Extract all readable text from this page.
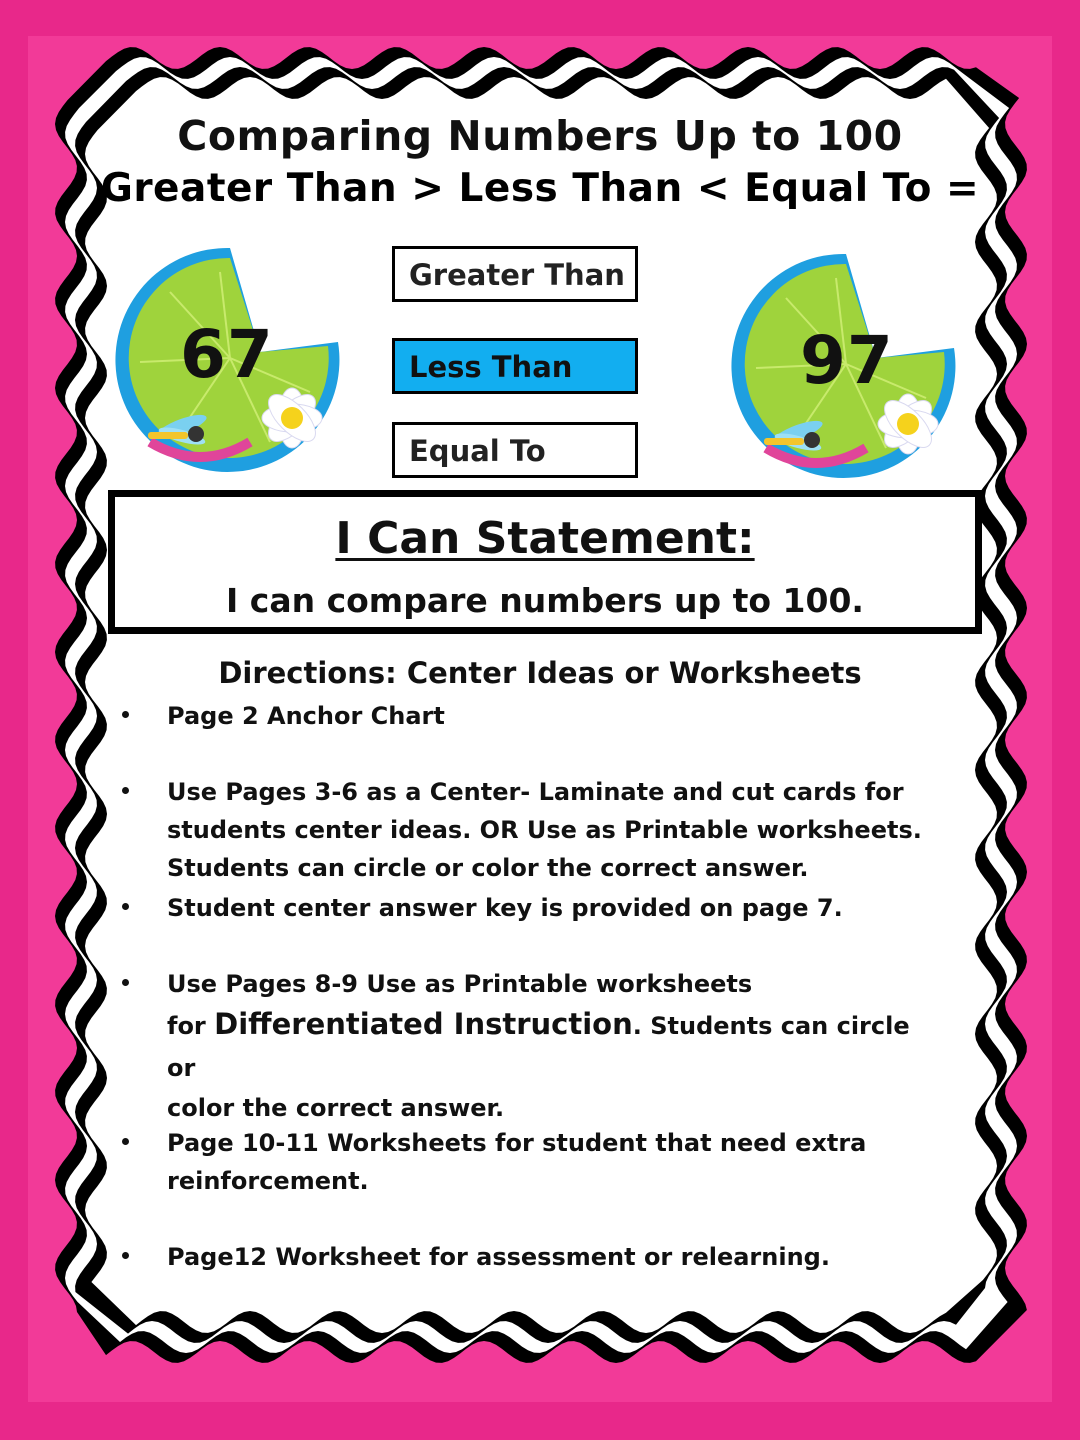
Comparing Numbers Up to 100
Greater Than > Less Than < Equal To =
67	97
Greater Than
Less Than
Equal To
I Can Statement:
I can compare numbers up to 100.
Directions: Center Ideas or Worksheets
Page 2 Anchor Chart
Use Pages 3-6 as a Center- Laminate and cut cards for
students center ideas. OR Use as Printable worksheets.
Students can circle or color the correct answer.
Student center answer key is provided on page 7.
Use Pages 8-9 Use as Printable worksheets
for Differentiated Instruction. Students can circle or
color the correct answer.
Page 10-11 Worksheets for student that need extra
reinforcement.
Page12 Worksheet for assessment or relearning.
